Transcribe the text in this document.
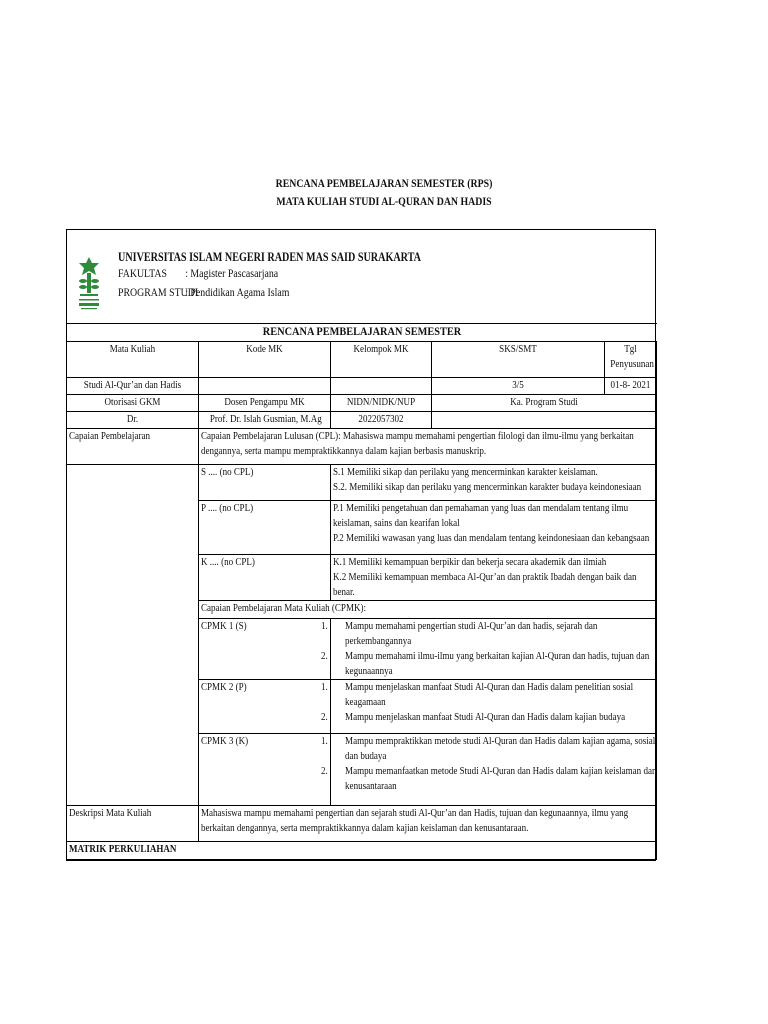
RENCANA PEMBELAJARAN SEMESTER (RPS)
MATA KULIAH STUDI AL-QURAN DAN HADIS
UNIVERSITAS ISLAM NEGERI RADEN MAS SAID SURAKARTA
FAKULTAS : Magister Pascasarjana
PROGRAM STUDI: Pendidikan Agama Islam
RENCANA PEMBELAJARAN SEMESTER				

Mata Kuliah	Kode MK	Kelompok MK	SKS/SMT	Tgl Penyusunan

Studi Al-Qur’an dan Hadis			3/5	01-8- 2021

Otorisasi GKM	Dosen Pengampu MK	NIDN/NIDK/NUP	Ka. Program Studi	

Dr.	Prof. Dr. Islah Gusmian, M.Ag	2022057302		

Capaian Pembelajaran	Capaian Pembelajaran Lulusan (CPL): Mahasiswa mampu memahami pengertian filologi dan ilmu-ilmu yang berkaitan dengannya, serta mampu mempraktikkannya dalam kajian berbasis manuskrip.			

	S .... (no CPL)	S.1 Memiliki sikap dan perilaku yang mencerminkan karakter keislaman.
S.2. Memiliki sikap dan perilaku yang mencerminkan karakter budaya keindonesiaan		

	P .... (no CPL)	P.1 Memiliki pengetahuan dan pemahaman yang luas dan mendalam tentang ilmu keislaman, sains dan kearifan lokal
P.2 Memiliki wawasan yang luas dan mendalam tentang keindonesiaan dan kebangsaan		

	K .... (no CPL)	K.1 Memiliki kemampuan berpikir dan bekerja secara akademik dan ilmiah
K.2 Memiliki kemampuan membaca Al-Qur’an dan praktik Ibadah dengan baik dan benar.		

	Capaian Pembelajaran Mata Kuliah (CPMK):			

	CPMK 1 (S)	1. Mampu memahami pengertian studi Al-Qur’an dan hadis, sejarah dan perkembangannya
2. Mampu memahami ilmu-ilmu yang berkaitan kajian Al-Quran dan hadis, tujuan dan kegunaannya		

	CPMK 2 (P)	1. Mampu menjelaskan manfaat Studi Al-Quran dan Hadis dalam penelitian sosial keagamaan
2. Mampu menjelaskan manfaat Studi Al-Quran dan Hadis dalam kajian budaya		

	CPMK 3 (K)	1. Mampu mempraktikkan metode studi Al-Quran dan Hadis dalam kajian agama, sosial dan budaya
2. Mampu memanfaatkan metode Studi Al-Quran dan Hadis dalam kajian keislaman dan kenusantaraan		

Deskripsi Mata Kuliah	Mahasiswa mampu memahami pengertian dan sejarah studi Al-Qur’an dan Hadis, tujuan dan kegunaannya, ilmu yang berkaitan dengannya, serta mempraktikkannya dalam kajian keislaman dan kenusantaraan.			

MATRIK PERKULIAHAN				
